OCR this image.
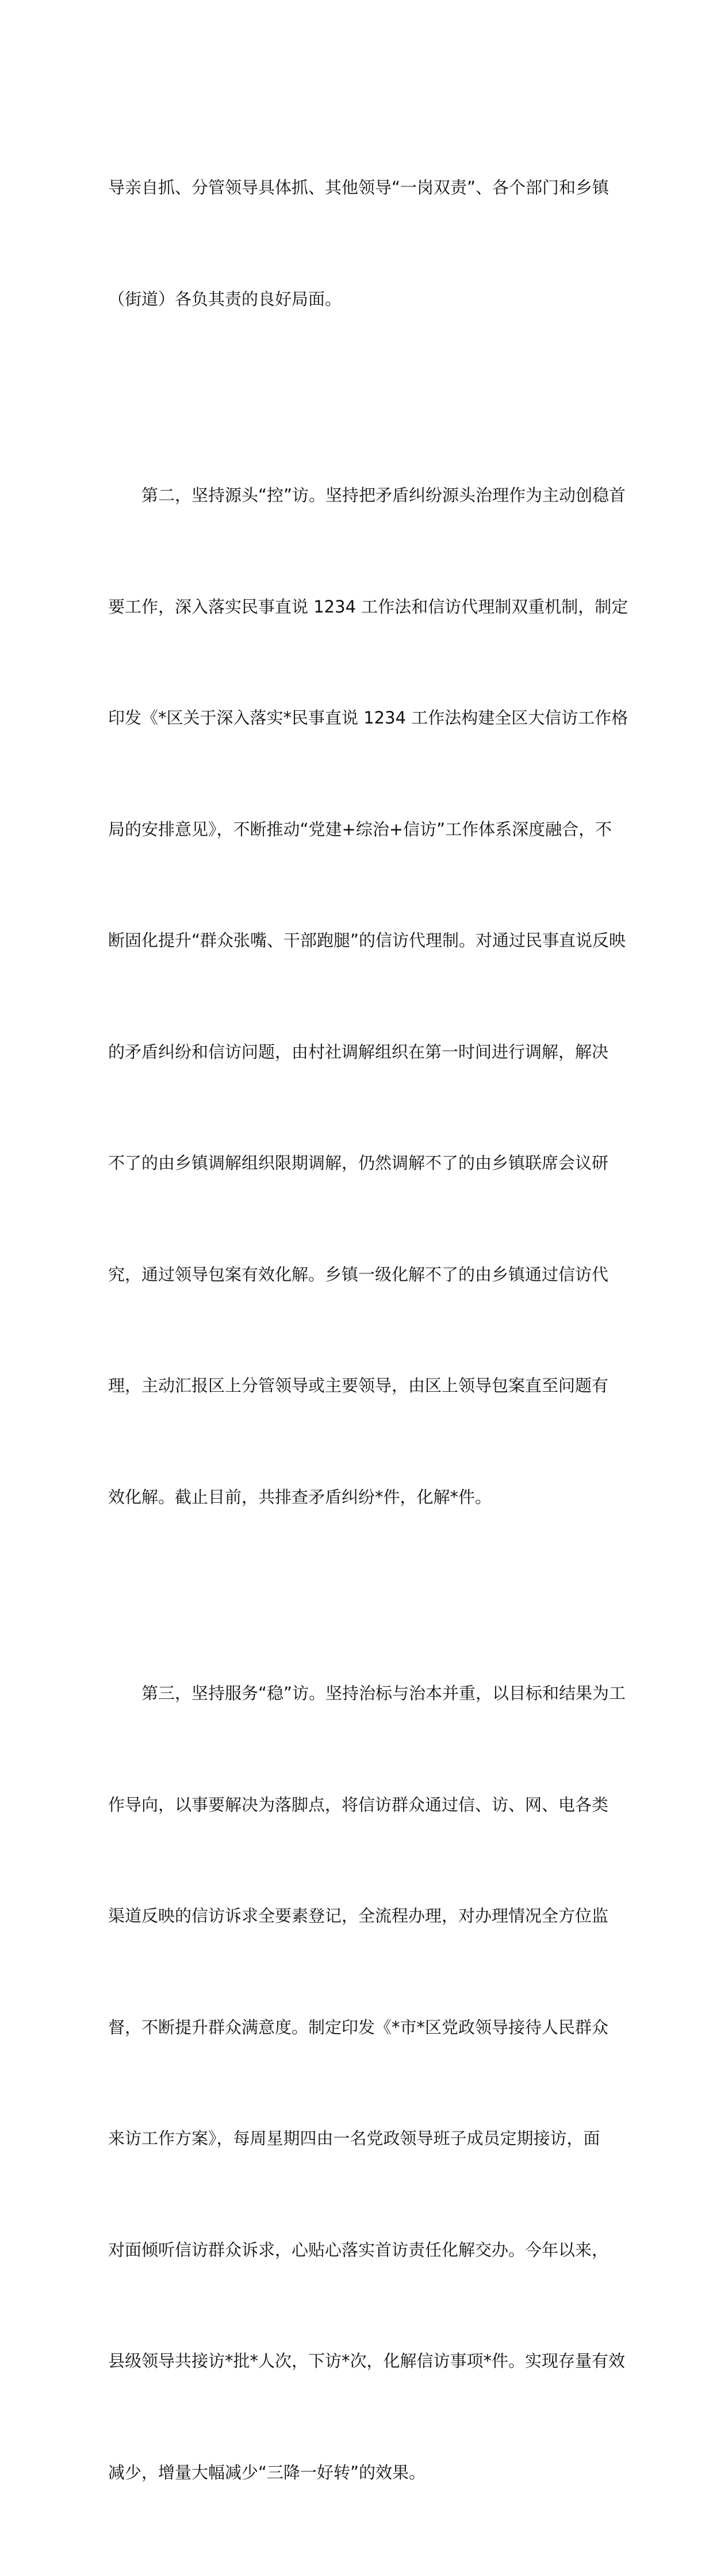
导亲自抓、分管领导具体抓、其他领导“一岗双责”、各个部门和乡镇

（街道）各负其责的良好局面。

　　第二，坚持源头“控”访。坚持把矛盾纠纷源头治理作为主动创稳首

要工作，深入落实民事直说 1234 工作法和信访代理制双重机制，制定

印发《*区关于深入落实*民事直说 1234 工作法构建全区大信访工作格

局的安排意见》，不断推动“党建+综治+信访”工作体系深度融合，不

断固化提升“群众张嘴、干部跑腿”的信访代理制。对通过民事直说反映

的矛盾纠纷和信访问题，由村社调解组织在第一时间进行调解，解决

不了的由乡镇调解组织限期调解，仍然调解不了的由乡镇联席会议研

究，通过领导包案有效化解。乡镇一级化解不了的由乡镇通过信访代

理，主动汇报区上分管领导或主要领导，由区上领导包案直至问题有

效化解。截止目前，共排查矛盾纠纷*件，化解*件。

　　第三，坚持服务“稳”访。坚持治标与治本并重，以目标和结果为工

作导向，以事要解决为落脚点，将信访群众通过信、访、网、电各类

渠道反映的信访诉求全要素登记，全流程办理，对办理情况全方位监

督，不断提升群众满意度。制定印发《*市*区党政领导接待人民群众

来访工作方案》，每周星期四由一名党政领导班子成员定期接访，面

对面倾听信访群众诉求，心贴心落实首访责任化解交办。今年以来，

县级领导共接访*批*人次，下访*次，化解信访事项*件。实现存量有效

减少，增量大幅减少“三降一好转”的效果。
